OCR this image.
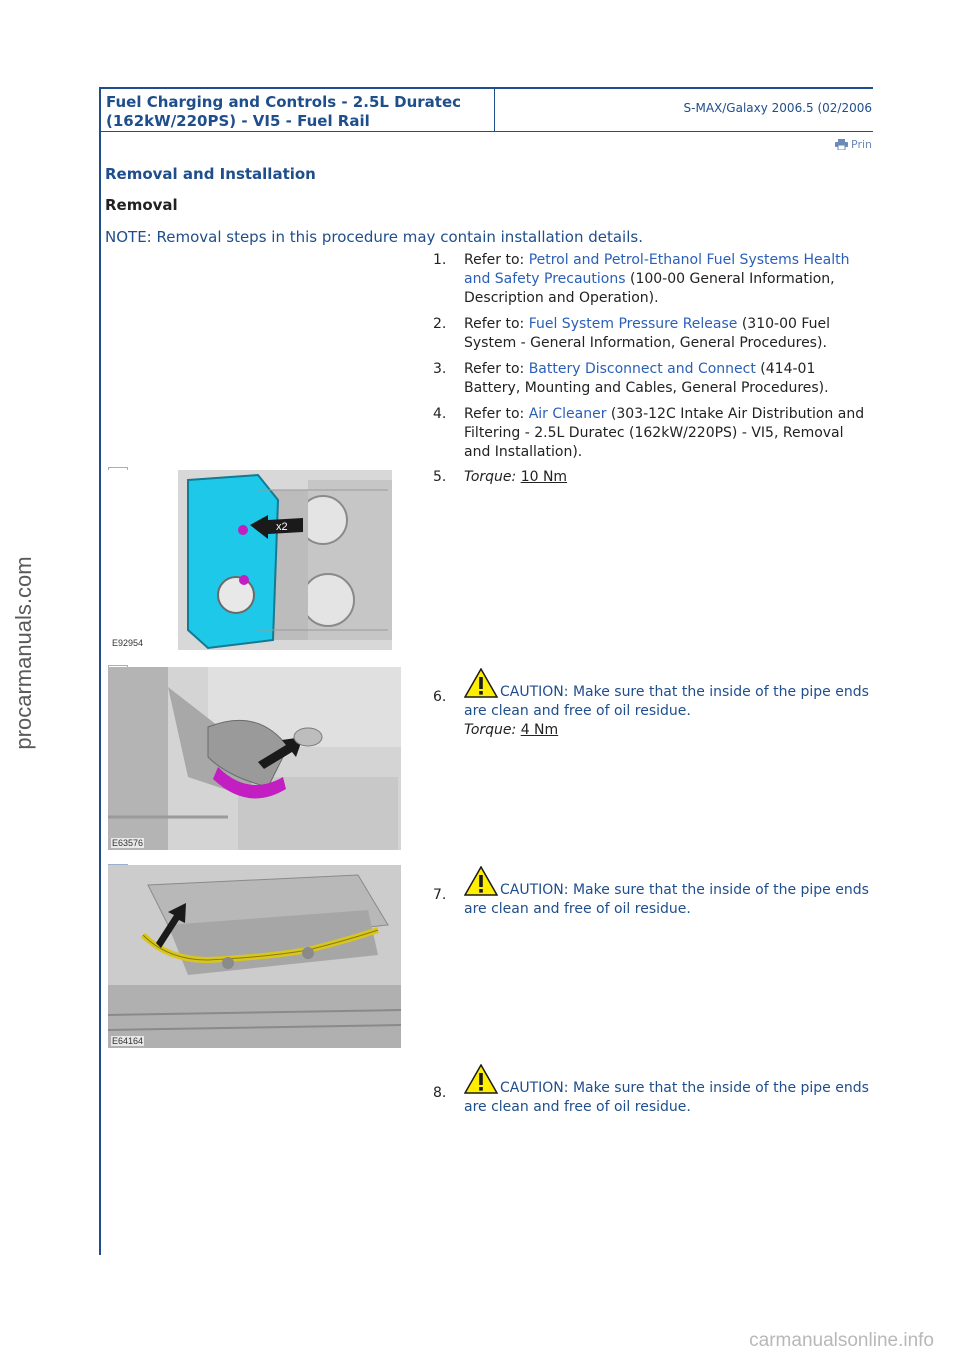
procarmanuals.com
Fuel Charging and Controls - 2.5L Duratec
(162kW/220PS) - VI5 - Fuel Rail
S-MAX/Galaxy 2006.5 (02/2006
Prin
Removal and Installation
Removal
NOTE: Removal steps in this procedure may contain installation details.
1. Refer to: Petrol and Petrol-Ethanol Fuel Systems Health and Safety Precautions (100-00 General Information, Description and Operation).
2. Refer to: Fuel System Pressure Release (310-00 Fuel System - General Information, General Procedures).
3. Refer to: Battery Disconnect and Connect (414-01 Battery, Mounting and Cables, General Procedures).
4. Refer to: Air Cleaner (303-12C Intake Air Distribution and Filtering - 2.5L Duratec (162kW/220PS) - VI5, Removal and Installation).
x2
E92954
5. Torque: 10 Nm
E63576
6.	CAUTION: Make sure that the inside of the pipe ends are clean and free of oil residue.
Torque: 4 Nm
E64164
7.	CAUTION: Make sure that the inside of the pipe ends are clean and free of oil residue.
8.	CAUTION: Make sure that the inside of the pipe ends are clean and free of oil residue.
carmanualsonline.info
